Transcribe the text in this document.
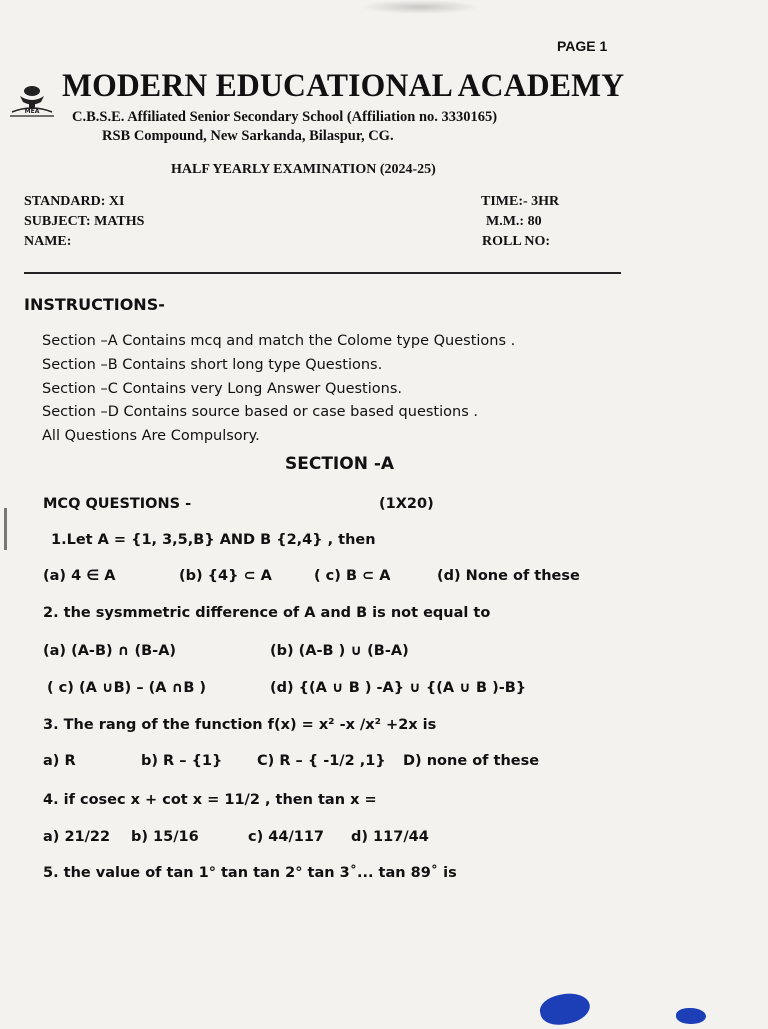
PAGE 1
MEA
MODERN EDUCATIONAL ACADEMY
C.B.S.E. Affiliated Senior Secondary School (Affiliation no. 3330165)
RSB Compound, New Sarkanda, Bilaspur, CG.
HALF YEARLY EXAMINATION (2024-25)
STANDARD: XI
SUBJECT: MATHS
NAME:
TIME:- 3HR
M.M.: 80
ROLL NO:
INSTRUCTIONS-
Section –A Contains mcq and match the Colome type Questions .
Section –B Contains short long type Questions.
Section –C Contains very Long Answer Questions.
Section –D Contains source based or case based questions .
All Questions Are Compulsory.
SECTION -A
MCQ QUESTIONS -	(1X20)
1.Let A = {1, 3,5,B} AND B {2,4} , then
(a) 4 ∈ A	(b) {4} ⊂ A	( c) B ⊂ A	(d) None of these
2. the sysmmetric difference of A and B is not equal to
(a) (A-B) ∩ (B-A)	(b) (A-B ) ∪ (B-A)
( c) (A ∪B) – (A ∩B )	(d) {(A ∪ B ) -A} ∪ {(A ∪ B )-B}
3. The rang of the function f(x) = x² -x /x² +2x is
a) R	b) R – {1} C) R – { -1/2 ,1} D) none of these
4. if cosec x + cot x = 11/2 , then tan x =
a) 21/22 b) 15/16	c) 44/117 d) 117/44
5. the value of tan 1° tan tan 2° tan 3˚... tan 89˚ is
